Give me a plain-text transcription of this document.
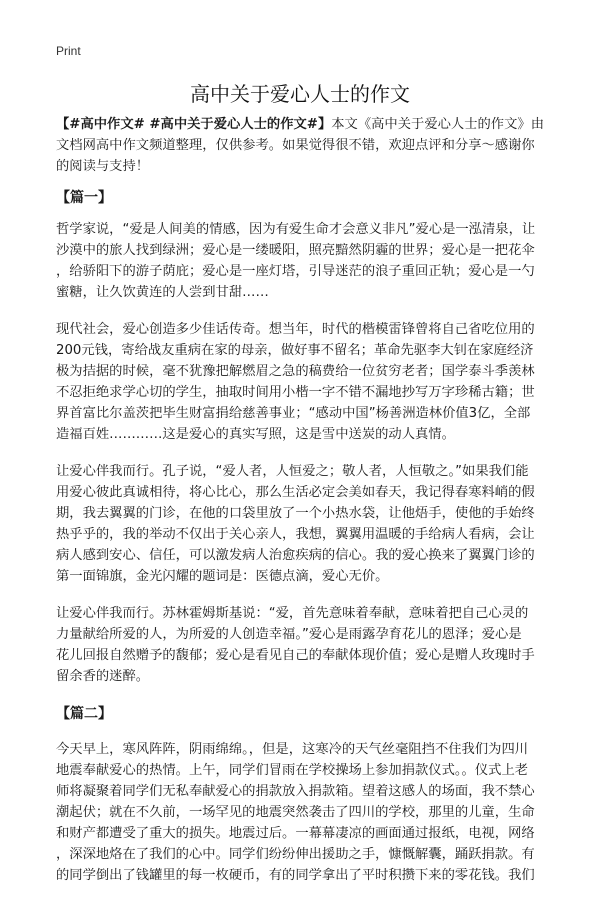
Print
高中关于爱心人士的作文

【#高中作文# #高中关于爱心人士的作文#】本文《高中关于爱心人士的作文》由
文档网高中作文频道整理，仅供参考。如果觉得很不错，欢迎点评和分享～感谢你
的阅读与支持！

【篇一】

哲学家说，“爱是人间美的情感，因为有爱生命才会意义非凡”爱心是一泓清泉，让
沙漠中的旅人找到绿洲；爱心是一缕暖阳，照亮黯然阴霾的世界；爱心是一把花伞
，给骄阳下的游子荫庇；爱心是一座灯塔，引导迷茫的浪子重回正轨；爱心是一勺
蜜糖，让久饮黄连的人尝到甘甜……

现代社会，爱心创造多少佳话传奇。想当年，时代的楷模雷锋曾将自己省吃位用的
200元钱，寄给战友重病在家的母亲，做好事不留名；革命先驱李大钊在家庭经济
极为拮据的时候，毫不犹豫把解燃眉之急的稿费给一位贫穷老者；国学泰斗季羡林
不忍拒绝求学心切的学生，抽取时间用小楷一字不错不漏地抄写万字珍稀古籍；世
界首富比尔盖茨把毕生财富捐给慈善事业；“感动中国”杨善洲造林价值3亿，全部
造福百姓…………这是爱心的真实写照，这是雪中送炭的动人真情。

让爱心伴我而行。孔子说，“爱人者，人恒爱之；敬人者，人恒敬之。”如果我们能
用爱心彼此真诚相待，将心比心，那么生活必定会美如春天，我记得春寒料峭的假
期，我去翼翼的门诊，在他的口袋里放了一个小热水袋，让他焐手，使他的手始终
热乎乎的，我的举动不仅出于关心亲人，我想，翼翼用温暖的手给病人看病，会让
病人感到安心、信任，可以激发病人治愈疾病的信心。我的爱心换来了翼翼门诊的
第一面锦旗，金光闪耀的题词是：医德点滴，爱心无价。

让爱心伴我而行。苏林霍姆斯基说：“爱，首先意味着奉献，意味着把自己心灵的
力量献给所爱的人，为所爱的人创造幸福。”爱心是雨露孕育花儿的恩泽；爱心是
花儿回报自然赠予的馥郁；爱心是看见自己的奉献体现价值；爱心是赠人玫瑰时手
留余香的迷醉。

【篇二】

今天早上，寒风阵阵，阴雨绵绵。，但是，这寒冷的天气丝毫阻挡不住我们为四川
地震奉献爱心的热情。上午，同学们冒雨在学校操场上参加捐款仪式。。仪式上老
师将凝聚着同学们无私奉献爱心的捐款放入捐款箱。望着这感人的场面，我不禁心
潮起伏；就在不久前，一场罕见的地震突然袭击了四川的学校，那里的儿童，生命
和财产都遭受了重大的损失。地震过后。一幕幕凄凉的画面通过报纸，电视，网络
，深深地烙在了我们的心中。同学们纷纷伸出援助之手，慷慨解囊，踊跃捐款。有
的同学倒出了钱罐里的每一枚硬币，有的同学拿出了平时积攒下来的零花钱。我们
